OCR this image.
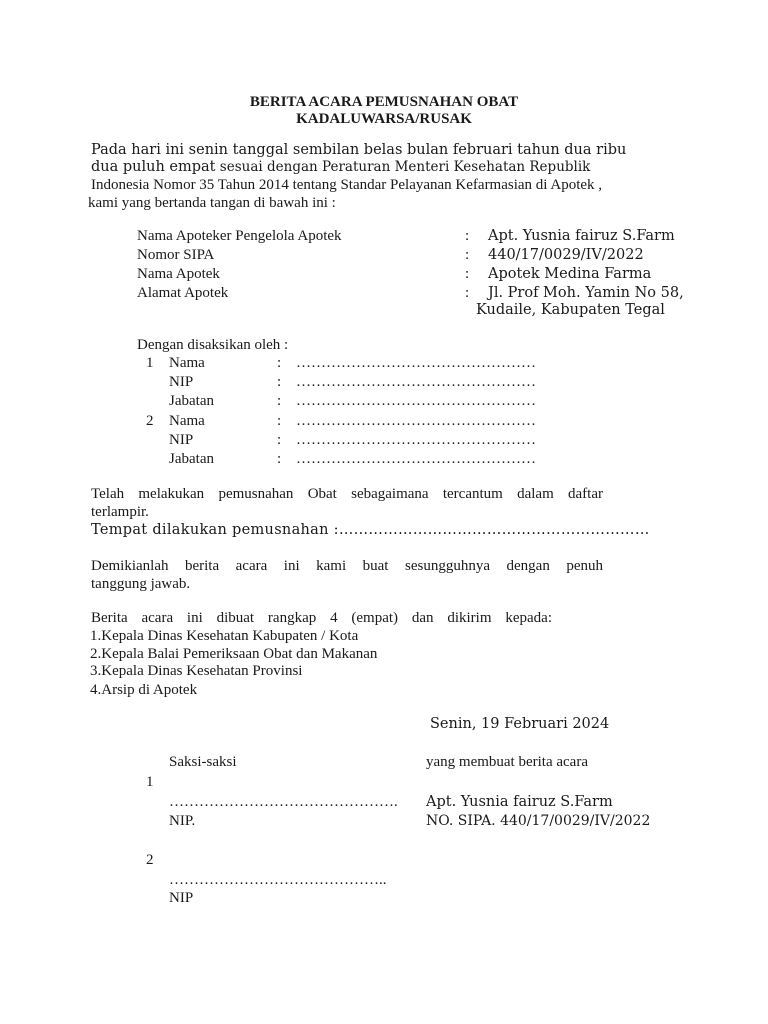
BERITA ACARA PEMUSNAHAN OBAT
KADALUWARSA/RUSAK
Pada hari ini senin tanggal sembilan belas bulan februari tahun dua ribu
dua puluh empat sesuai dengan Peraturan Menteri Kesehatan Republik
Indonesia Nomor 35 Tahun 2014 tentang Standar Pelayanan Kefarmasian di Apotek ,
kami yang bertanda tangan di bawah ini :
Nama Apoteker Pengelola Apotek	: Apt. Yusnia fairuz S.Farm
Nomor SIPA	: 440/17/0029/IV/2022
Nama Apotek	: Apotek Medina Farma
Alamat Apotek	: Jl. Prof Moh. Yamin No 58,
Kudaile, Kabupaten Tegal
Dengan disaksikan oleh :
1 Nama	: …………………………………………
NIP	: …………………………………………
Jabatan	: …………………………………………
2 Nama	: …………………………………………
NIP	: …………………………………………
Jabatan	: …………………………………………
Telah melakukan pemusnahan Obat sebagaimana tercantum dalam daftar
terlampir.
Tempat dilakukan pemusnahan :………………………………………………………
Demikianlah berita acara ini kami buat sesungguhnya dengan penuh
tanggung jawab.
Berita acara ini dibuat rangkap 4 (empat) dan dikirim kepada:
1.Kepala Dinas Kesehatan Kabupaten / Kota
2.Kepala Balai Pemeriksaan Obat dan Makanan
3.Kepala Dinas Kesehatan Provinsi
4.Arsip di Apotek
Senin, 19 Februari 2024
Saksi-saksi	yang membuat berita acara
1
………………………………………. Apt. Yusnia fairuz S.Farm
NIP.	NO. SIPA. 440/17/0029/IV/2022
2
……………………………………..
NIP
